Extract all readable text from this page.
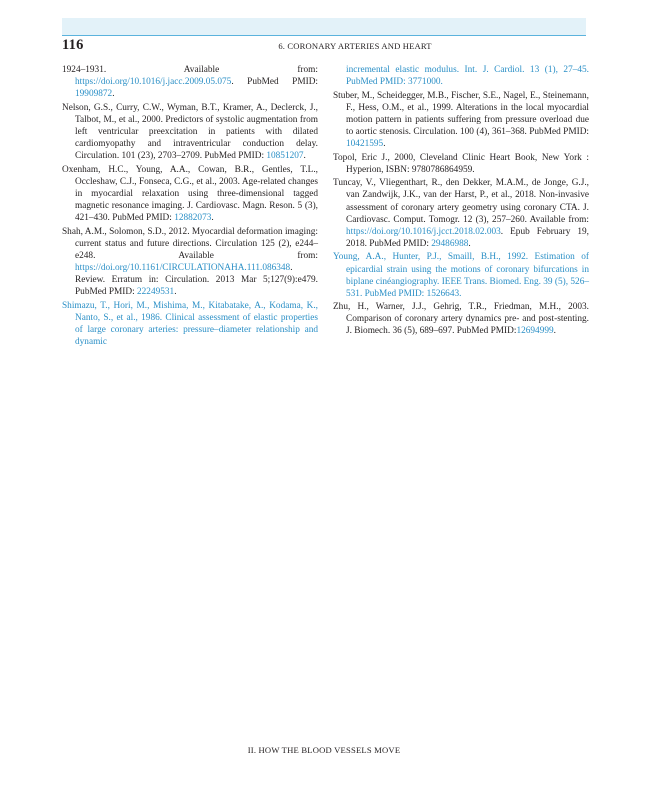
116	6. CORONARY ARTERIES AND HEART

1924–1931. Available from: https://doi.org/10.1016/j.jacc.2009.05.075. PubMed PMID: 19909872.

Nelson, G.S., Curry, C.W., Wyman, B.T., Kramer, A., Declerck, J., Talbot, M., et al., 2000. Predictors of systolic augmentation from left ventricular preexcitation in patients with dilated cardiomyopathy and intraventricular conduction delay. Circulation. 101 (23), 2703–2709. PubMed PMID: 10851207.

Oxenham, H.C., Young, A.A., Cowan, B.R., Gentles, T.L., Occleshaw, C.J., Fonseca, C.G., et al., 2003. Age-related changes in myocardial relaxation using three-dimensional tagged magnetic resonance imaging. J. Cardiovasc. Magn. Reson. 5 (3), 421–430. PubMed PMID: 12882073.

Shah, A.M., Solomon, S.D., 2012. Myocardial deformation imaging: current status and future directions. Circulation 125 (2), e244–e248. Available from: https://doi.org/10.1161/CIRCULATIONAHA.111.086348. Review. Erratum in: Circulation. 2013 Mar 5;127(9):e479. PubMed PMID: 22249531.

Shimazu, T., Hori, M., Mishima, M., Kitabatake, A., Kodama, K., Nanto, S., et al., 1986. Clinical assessment of elastic properties of large coronary arteries: pressure–diameter relationship and dynamic

incremental elastic modulus. Int. J. Cardiol. 13 (1), 27–45. PubMed PMID: 3771000.

Stuber, M., Scheidegger, M.B., Fischer, S.E., Nagel, E., Steinemann, F., Hess, O.M., et al., 1999. Alterations in the local myocardial motion pattern in patients suffering from pressure overload due to aortic stenosis. Circulation. 100 (4), 361–368. PubMed PMID: 10421595.

Topol, Eric J., 2000, Cleveland Clinic Heart Book, New York : Hyperion, ISBN: 9780786864959.

Tuncay, V., Vliegenthart, R., den Dekker, M.A.M., de Jonge, G.J., van Zandwijk, J.K., van der Harst, P., et al., 2018. Non-invasive assessment of coronary artery geometry using coronary CTA. J. Cardiovasc. Comput. Tomogr. 12 (3), 257–260. Available from: https://doi.org/10.1016/j.jcct.2018.02.003. Epub February 19, 2018. PubMed PMID: 29486988.

Young, A.A., Hunter, P.J., Smaill, B.H., 1992. Estimation of epicardial strain using the motions of coronary bifurcations in biplane cinéangiography. IEEE Trans. Biomed. Eng. 39 (5), 526–531. PubMed PMID: 1526643.

Zhu, H., Warner, J.J., Gehrig, T.R., Friedman, M.H., 2003. Comparison of coronary artery dynamics pre- and post-stenting. J. Biomech. 36 (5), 689–697. PubMed PMID:12694999.

II. HOW THE BLOOD VESSELS MOVE
